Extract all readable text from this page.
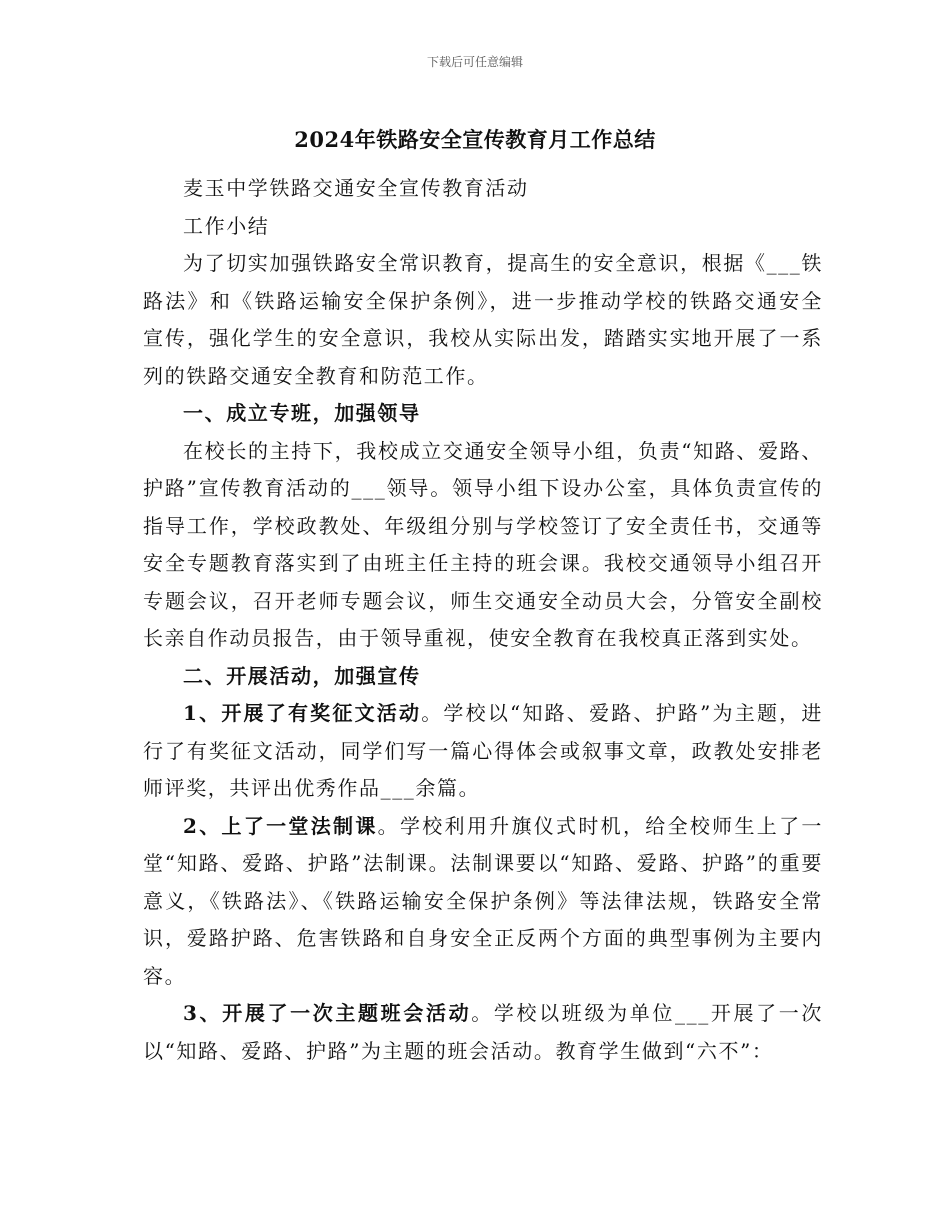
下载后可任意编辑
2024年铁路安全宣传教育月工作总结

麦玉中学铁路交通安全宣传教育活动

工作小结

为了切实加强铁路安全常识教育，提高生的安全意识，根据《___铁路法》和《铁路运输安全保护条例》，进一步推动学校的铁路交通安全宣传，强化学生的安全意识，我校从实际出发，踏踏实实地开展了一系列的铁路交通安全教育和防范工作。

一、成立专班，加强领导

在校长的主持下，我校成立交通安全领导小组，负责“知路、爱路、护路”宣传教育活动的___领导。领导小组下设办公室，具体负责宣传的指导工作，学校政教处、年级组分别与学校签订了安全责任书，交通等安全专题教育落实到了由班主任主持的班会课。我校交通领导小组召开专题会议，召开老师专题会议，师生交通安全动员大会，分管安全副校长亲自作动员报告，由于领导重视，使安全教育在我校真正落到实处。

二、开展活动，加强宣传

1、开展了有奖征文活动。学校以“知路、爱路、护路”为主题，进行了有奖征文活动，同学们写一篇心得体会或叙事文章，政教处安排老师评奖，共评出优秀作品___余篇。

2、上了一堂法制课。学校利用升旗仪式时机，给全校师生上了一堂“知路、爱路、护路”法制课。法制课要以“知路、爱路、护路”的重要意义，《铁路法》、《铁路运输安全保护条例》等法律法规，铁路安全常识，爱路护路、危害铁路和自身安全正反两个方面的典型事例为主要内容。

3、开展了一次主题班会活动。学校以班级为单位___开展了一次以“知路、爱路、护路”为主题的班会活动。教育学生做到“六不”：
